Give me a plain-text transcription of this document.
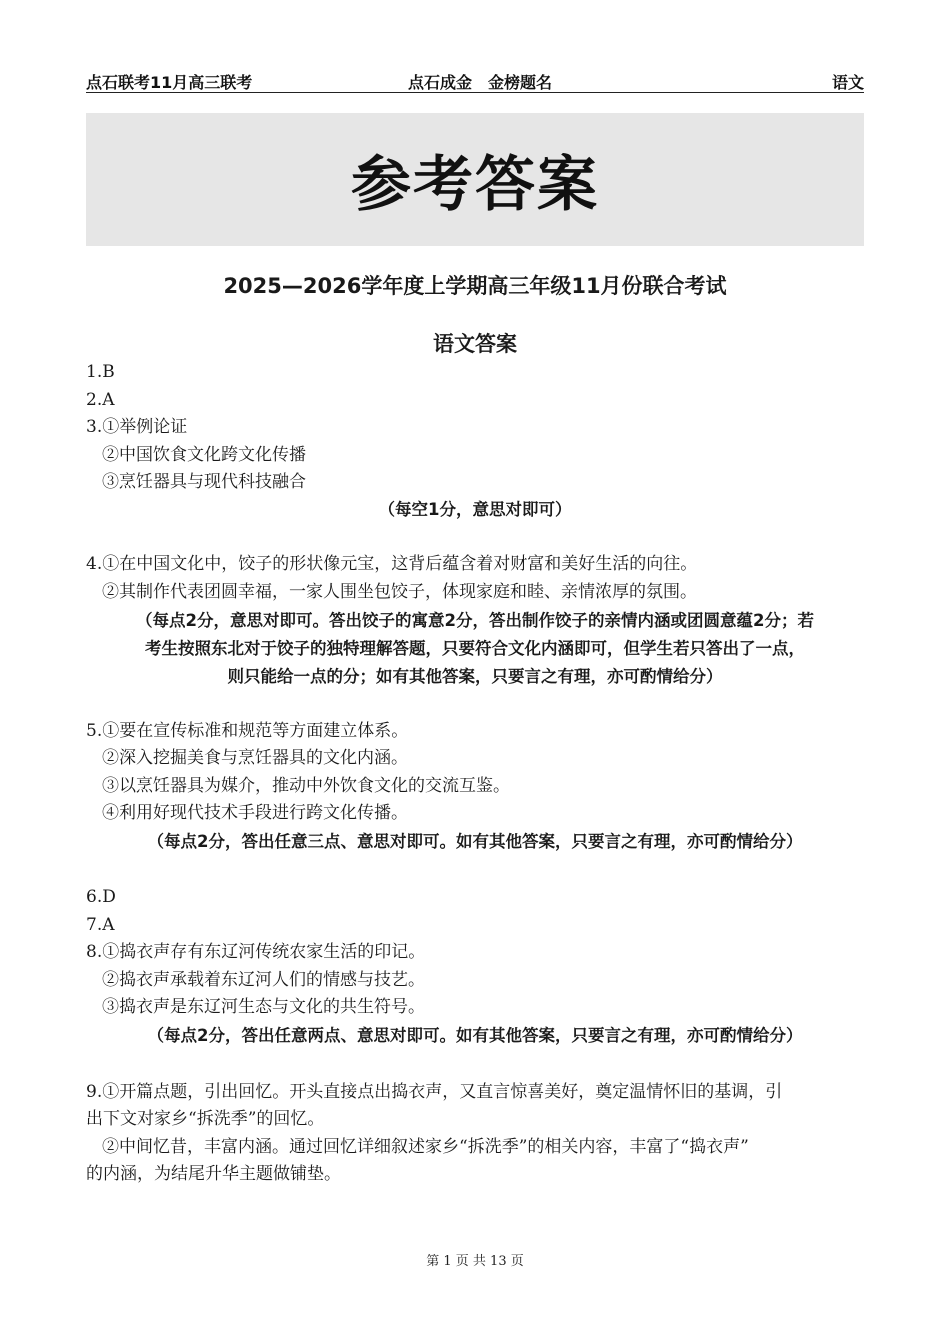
点石联考11月高三联考	点石成金　金榜题名	语文
参考答案
2025—2026学年度上学期高三年级11月份联合考试
语文答案
1.B
2.A
3.①举例论证
②中国饮食文化跨文化传播
③烹饪器具与现代科技融合
（每空1分，意思对即可）
4.①在中国文化中，饺子的形状像元宝，这背后蕴含着对财富和美好生活的向往。
②其制作代表团圆幸福，一家人围坐包饺子，体现家庭和睦、亲情浓厚的氛围。
（每点2分，意思对即可。答出饺子的寓意2分，答出制作饺子的亲情内涵或团圆意蕴2分；若
考生按照东北对于饺子的独特理解答题，只要符合文化内涵即可，但学生若只答出了一点，
则只能给一点的分；如有其他答案，只要言之有理，亦可酌情给分）
5.①要在宣传标准和规范等方面建立体系。
②深入挖掘美食与烹饪器具的文化内涵。
③以烹饪器具为媒介，推动中外饮食文化的交流互鉴。
④利用好现代技术手段进行跨文化传播。
（每点2分，答出任意三点、意思对即可。如有其他答案，只要言之有理，亦可酌情给分）
6.D
7.A
8.①捣衣声存有东辽河传统农家生活的印记。
②捣衣声承载着东辽河人们的情感与技艺。
③捣衣声是东辽河生态与文化的共生符号。
（每点2分，答出任意两点、意思对即可。如有其他答案，只要言之有理，亦可酌情给分）
9.①开篇点题，引出回忆。开头直接点出捣衣声，又直言惊喜美好，奠定温情怀旧的基调，引
出下文对家乡“拆洗季”的回忆。
②中间忆昔，丰富内涵。通过回忆详细叙述家乡“拆洗季”的相关内容，丰富了“捣衣声”
的内涵，为结尾升华主题做铺垫。
第 1 页 共 13 页
